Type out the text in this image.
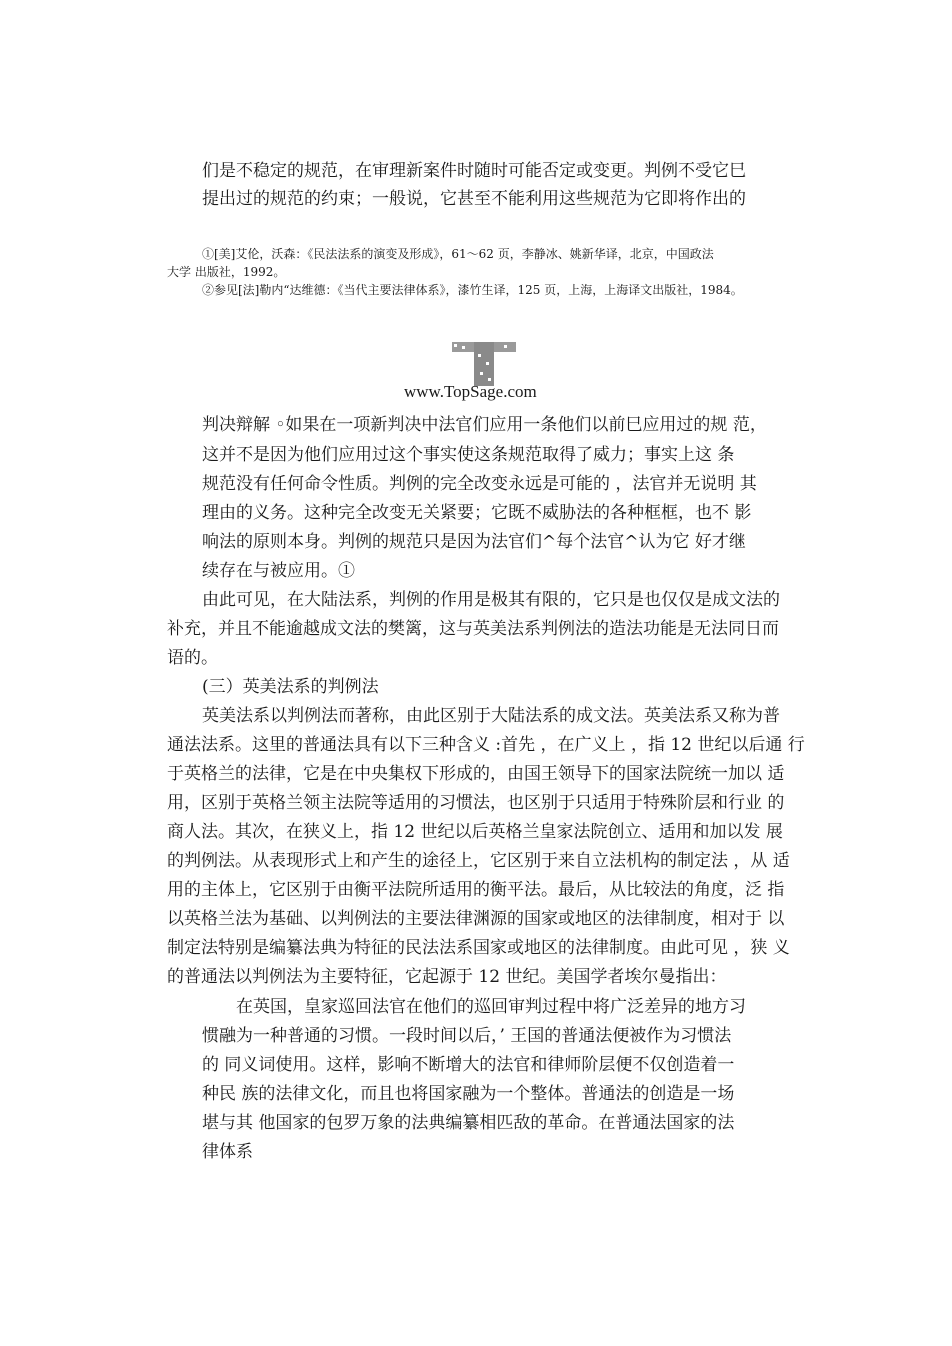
们是不稳定的规范，在审理新案件时随时可能否定或变更。判例不受它巳
提出过的规范的约束；一般说，它甚至不能利用这些规范为它即将作出的
①[美]艾伦，沃森：《民法法系的演变及形成》，61～62 页，李静冰、姚新华译，北京，中国政法
大学 出版社，1992。
②参见[法]勒内“达维德：《当代主要法律体系》，漆竹生译，125 页，上海，上海译文出版社，1984。
www.TopSage.com
判决辩解 ◦如果在一项新判决中法官们应用一条他们以前巳应用过的规 范，
这并不是因为他们应用过这个事实使这条规范取得了威力；事实上这 条
规范没有任何命令性质。判例的完全改变永远是可能的 ，法官并无说明 其
理由的义务。这种完全改变无关紧要；它既不威胁法的各种框框，也不 影
响法的原则本身。判例的规范只是因为法官们^每个法官^认为它 好才继
续存在与被应用。①
由此可见，在大陆法系，判例的作用是极其有限的，它只是也仅仅是成文法的
补充，并且不能逾越成文法的樊篱，这与英美法系判例法的造法功能是无法同日而
语的。
(三）英美法系的判例法
英美法系以判例法而著称，由此区别于大陆法系的成文法。英美法系又称为普
通法法系。这里的普通法具有以下三种含义 :首先 ，在广义上 ，指 12 世纪以后通 行
于英格兰的法律，它是在中央集权下形成的，由国王领导下的国家法院统一加以 适
用，区别于英格兰领主法院等适用的习惯法，也区别于只适用于特殊阶层和行业 的
商人法。其次，在狭义上，指 12 世纪以后英格兰皇家法院创立、适用和加以发 展
的判例法。从表现形式上和产生的途径上，它区别于来自立法机构的制定法 ，从 适
用的主体上，它区别于由衡平法院所适用的衡平法。最后，从比较法的角度，泛 指
以英格兰法为基础、以判例法的主要法律渊源的国家或地区的法律制度，相对于 以
制定法特别是编纂法典为特征的民法法系国家或地区的法律制度。由此可见 ，狭 义
的普通法以判例法为主要特征，它起源于 12 世纪。美国学者埃尔曼指出：
在英国，皇家巡回法官在他们的巡回审判过程中将广泛差异的地方习
惯融为一种普通的习惯。一段时间以后，’ 王国的普通法便被作为习惯法
的 同义词使用。这样，影响不断增大的法官和律师阶层便不仅创造着一
种民 族的法律文化，而且也将国家融为一个整体。普通法的创造是一场
堪与其 他国家的包罗万象的法典编纂相匹敌的革命。在普通法国家的法
律体系
